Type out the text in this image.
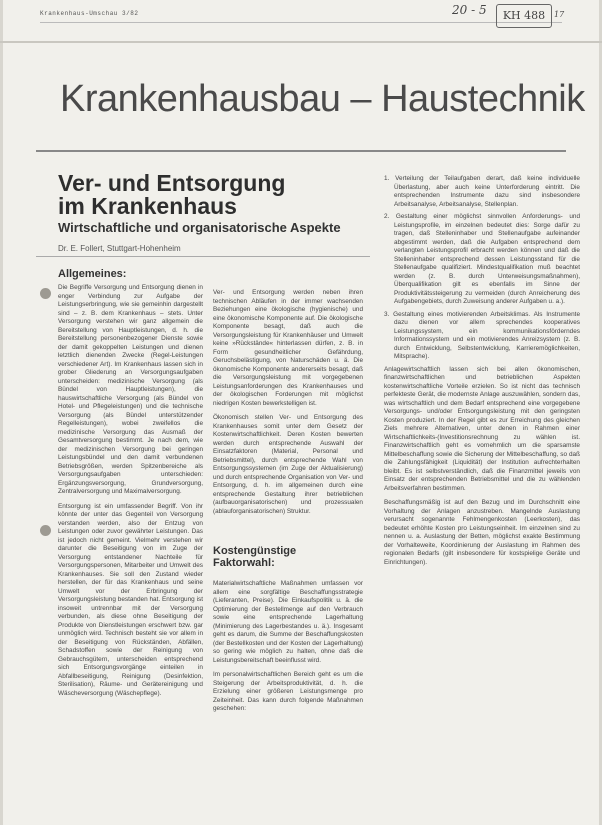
Krankenhaus-Umschau 3/82	20 - 5	KH 488	17
Krankenhausbau – Haustechnik
Ver- und Entsorgung
im Krankenhaus
Wirtschaftliche und organisatorische Aspekte
Dr. E. Follert, Stuttgart-Hohenheim
Allgemeines:

Die Begriffe Versorgung und Entsorgung dienen in enger Verbindung zur Aufgabe der Leistungserbringung, wie sie gemeinhin dargestellt sind – z. B. dem Krankenhaus – stets. Unter Versorgung verstehen wir ganz allgemein die Bereitstellung von Hauptleistungen, d. h. die Bereitstellung personenbezogener Dienste sowie der damit gekoppelten Leistungen und dienen letztlich dienenden Zwecke (Regel-Leistungen verschiedener Art). Im Krankenhaus lassen sich in grober Gliederung an Versorgungsaufgaben unterscheiden: medizinische Versorgung (als Bündel von Hauptleistungen), die hauswirtschaftliche Versorgung (als Bündel von Hotel- und Pflegeleistungen) und die technische Versorgung (als Bündel unterstützender Regelleistungen), wobei zweifellos die medizinische Versorgung das Ausmaß der Gesamtversorgung bestimmt. Je nach dem, wie der medizinischen Versorgung bei geringen Leistungsbündel und den damit verbundenen Betriebsgrößen, werden Spitzenbereiche als Versorgungsaufgaben unterschieden: Ergänzungsversorgung, Grundversorgung, Zentralversorgung und Maximalversorgung.

Entsorgung ist ein umfassender Begriff. Von ihr könnte der unter das Gegenteil von Versorgung verstanden werden, also der Entzug von Leistungen oder zuvor gewährter Leistungen. Das ist jedoch nicht gemeint. Vielmehr verstehen wir darunter die Beseitigung von im Zuge der Versorgung entstandener Nachteile für Versorgungspersonen, Mitarbeiter und Umwelt des Krankenhauses. Sie soll den Zustand wieder herstellen, der für das Krankenhaus und seine Umwelt vor der Erbringung der Versorgungsleistung bestanden hat. Entsorgung ist insoweit untrennbar mit der Versorgung verbunden, als diese ohne Beseitigung der Produkte von Dienstleistungen erschwert bzw. gar unmöglich wird. Technisch besteht sie vor allem in der Beseitigung von Rückständen, Abfällen, Schadstoffen sowie der Reinigung von Gebrauchsgütern, unterscheiden entsprechend sich Entsorgungsvorgänge einteilen in Abfallbeseitigung, Reinigung (Desinfektion, Sterilisation), Räume- und Gerätereinigung und Wäscheversorgung (Wäschepflege).

Ver- und Entsorgung werden neben ihren technischen Abläufen in der immer wachsenden Beziehungen eine ökologische (hygienische) und eine ökonomische Komponente auf. Die ökologische Komponente besagt, daß auch die Versorgungsleistung für Krankenhäuser und Umwelt keine »Rückstände« hinterlassen dürfen, z. B. in Form gesundheitlicher Gefährdung, Geruchsbelästigung, von Naturschäden u. ä. Die ökonomische Komponente andererseits besagt, daß die Versorgungsleistung mit vorgegebenen Leistungsanforderungen des Krankenhauses und der ökologischen Forderungen mit möglichst niedrigen Kosten bewerkstelligen ist.

Ökonomisch stellen Ver- und Entsorgung des Krankenhauses somit unter dem Gesetz der Kostenwirtschaftlichkeit. Deren Kosten bewerten werden durch entsprechende Auswahl der Einsatzfaktoren (Material, Personal und Betriebsmittel), durch entsprechende Wahl von Entsorgungssystemen (im Zuge der Aktualisierung) und durch entsprechende Organisation von Ver- und Entsorgung, d. h. im allgemeinen durch eine entsprechende Gestaltung ihrer betrieblichen (aufbauorganisatorischen) und prozessualen (ablauforganisatorischen) Struktur.

Kostengünstige
Faktorwahl:

Materialwirtschaftliche Maßnahmen umfassen vor allem eine sorgfältige Beschaffungsstrategie (Lieferanten, Preise). Die Einkaufspolitik u. ä. die Optimierung der Bestellmenge auf den Verbrauch sowie eine entsprechende Lagerhaltung (Minimierung des Lagerbestandes u. ä.). Insgesamt geht es darum, die Summe der Beschaffungskosten (der Bestellkosten und der Kosten der Lagerhaltung) so gering wie möglich zu halten, ohne daß die Leistungsbereitschaft beeinflusst wird.

Im personalwirtschaftlichen Bereich geht es um die Steigerung der Arbeitsproduktivität, d. h. die Erzielung einer größeren Leistungsmenge pro Zeiteinheit. Das kann durch folgende Maßnahmen geschehen:

1. Verteilung der Teilaufgaben derart, daß keine individuelle Überlastung, aber auch keine Unterforderung eintritt. Die entsprechenden Instrumente dazu sind insbesondere Arbeitsanalyse, Arbeitsanalyse, Stellenplan.
2. Gestaltung einer möglichst sinnvollen Anforderungs- und Leistungsprofile, im einzelnen bedeutet dies: Sorge dafür zu tragen, daß Stelleninhaber und Stellenaufgabe aufeinander abgestimmt werden, daß die Aufgaben entsprechend dem verlangten Leistungsprofil erbracht werden können und daß die Stelleninhaber entsprechend dessen Leistungsstand für die Stellenaufgabe qualifiziert. Mindestqualifikation muß beachtet werden (z. B. durch Unterweisungsmaßnahmen), Überqualifikation gilt es ebenfalls im Sinne der Produktivitätssteigerung zu vermeiden (durch Anreicherung des Aufgabengebiets, durch Zuweisung anderer Aufgaben u. a.).
3. Gestaltung eines motivierenden Arbeitsklimas. Als Instrumente dazu dienen vor allem sprechendes kooperatives Leistungssystem, ein kommunikationsförderndes Informationssystem und ein motivierendes Anreizsystem (z. B. durch Entwicklung, Selbstentwicklung, Karrieremöglichkeiten, Mitsprache).

Anlagewirtschaftlich lassen sich bei allen ökonomischen, finanzwirtschaftlichen und betrieblichen Aspekten kostenwirtschaftliche Vorteile erzielen. So ist nicht das technisch perfekteste Gerät, die modernste Anlage auszuwählen, sondern das, was wirtschaftlich und dem Bedarf entsprechend eine vorgegebene Versorgungs- und/oder Entsorgungsleistung mit den geringsten Kosten produziert. In der Regel gibt es zur Erreichung des gleichen Ziels mehrere Alternativen, unter denen in Rahmen einer Wirtschaftlichkeits-(Investitionsrechnung zu wählen ist. Finanzwirtschaftlich geht es vornehmlich um die sparsamste Mittelbeschaffung sowie die Sicherung der Mittelbeschaffung, so daß die Zahlungsfähigkeit (Liquidität) der Institution aufrechterhalten bleibt. Es ist selbstverständlich, daß die Finanzmittel jeweils von Einsatz der entsprechenden Betriebsmittel und die zu wählenden Arbeitsverfahren bestimmen.

Beschaffungsmäßig ist auf den Bezug und im Durchschnitt eine Vorhaltung der Anlagen anzustreben. Mangelnde Auslastung verursacht sogenannte Fehlmengenkosten (Leerkosten), das bedeutet erhöhte Kosten pro Leistungseinheit. Im einzelnen sind zu nennen u. a. Auslastung der Betten, möglichst exakte Bestimmung der Vorhalteweite, Koordinierung der Auslastung im Rahmen des regionalen Bedarfs (gilt insbesondere für kostspielige Geräte und Einrichtungen).
